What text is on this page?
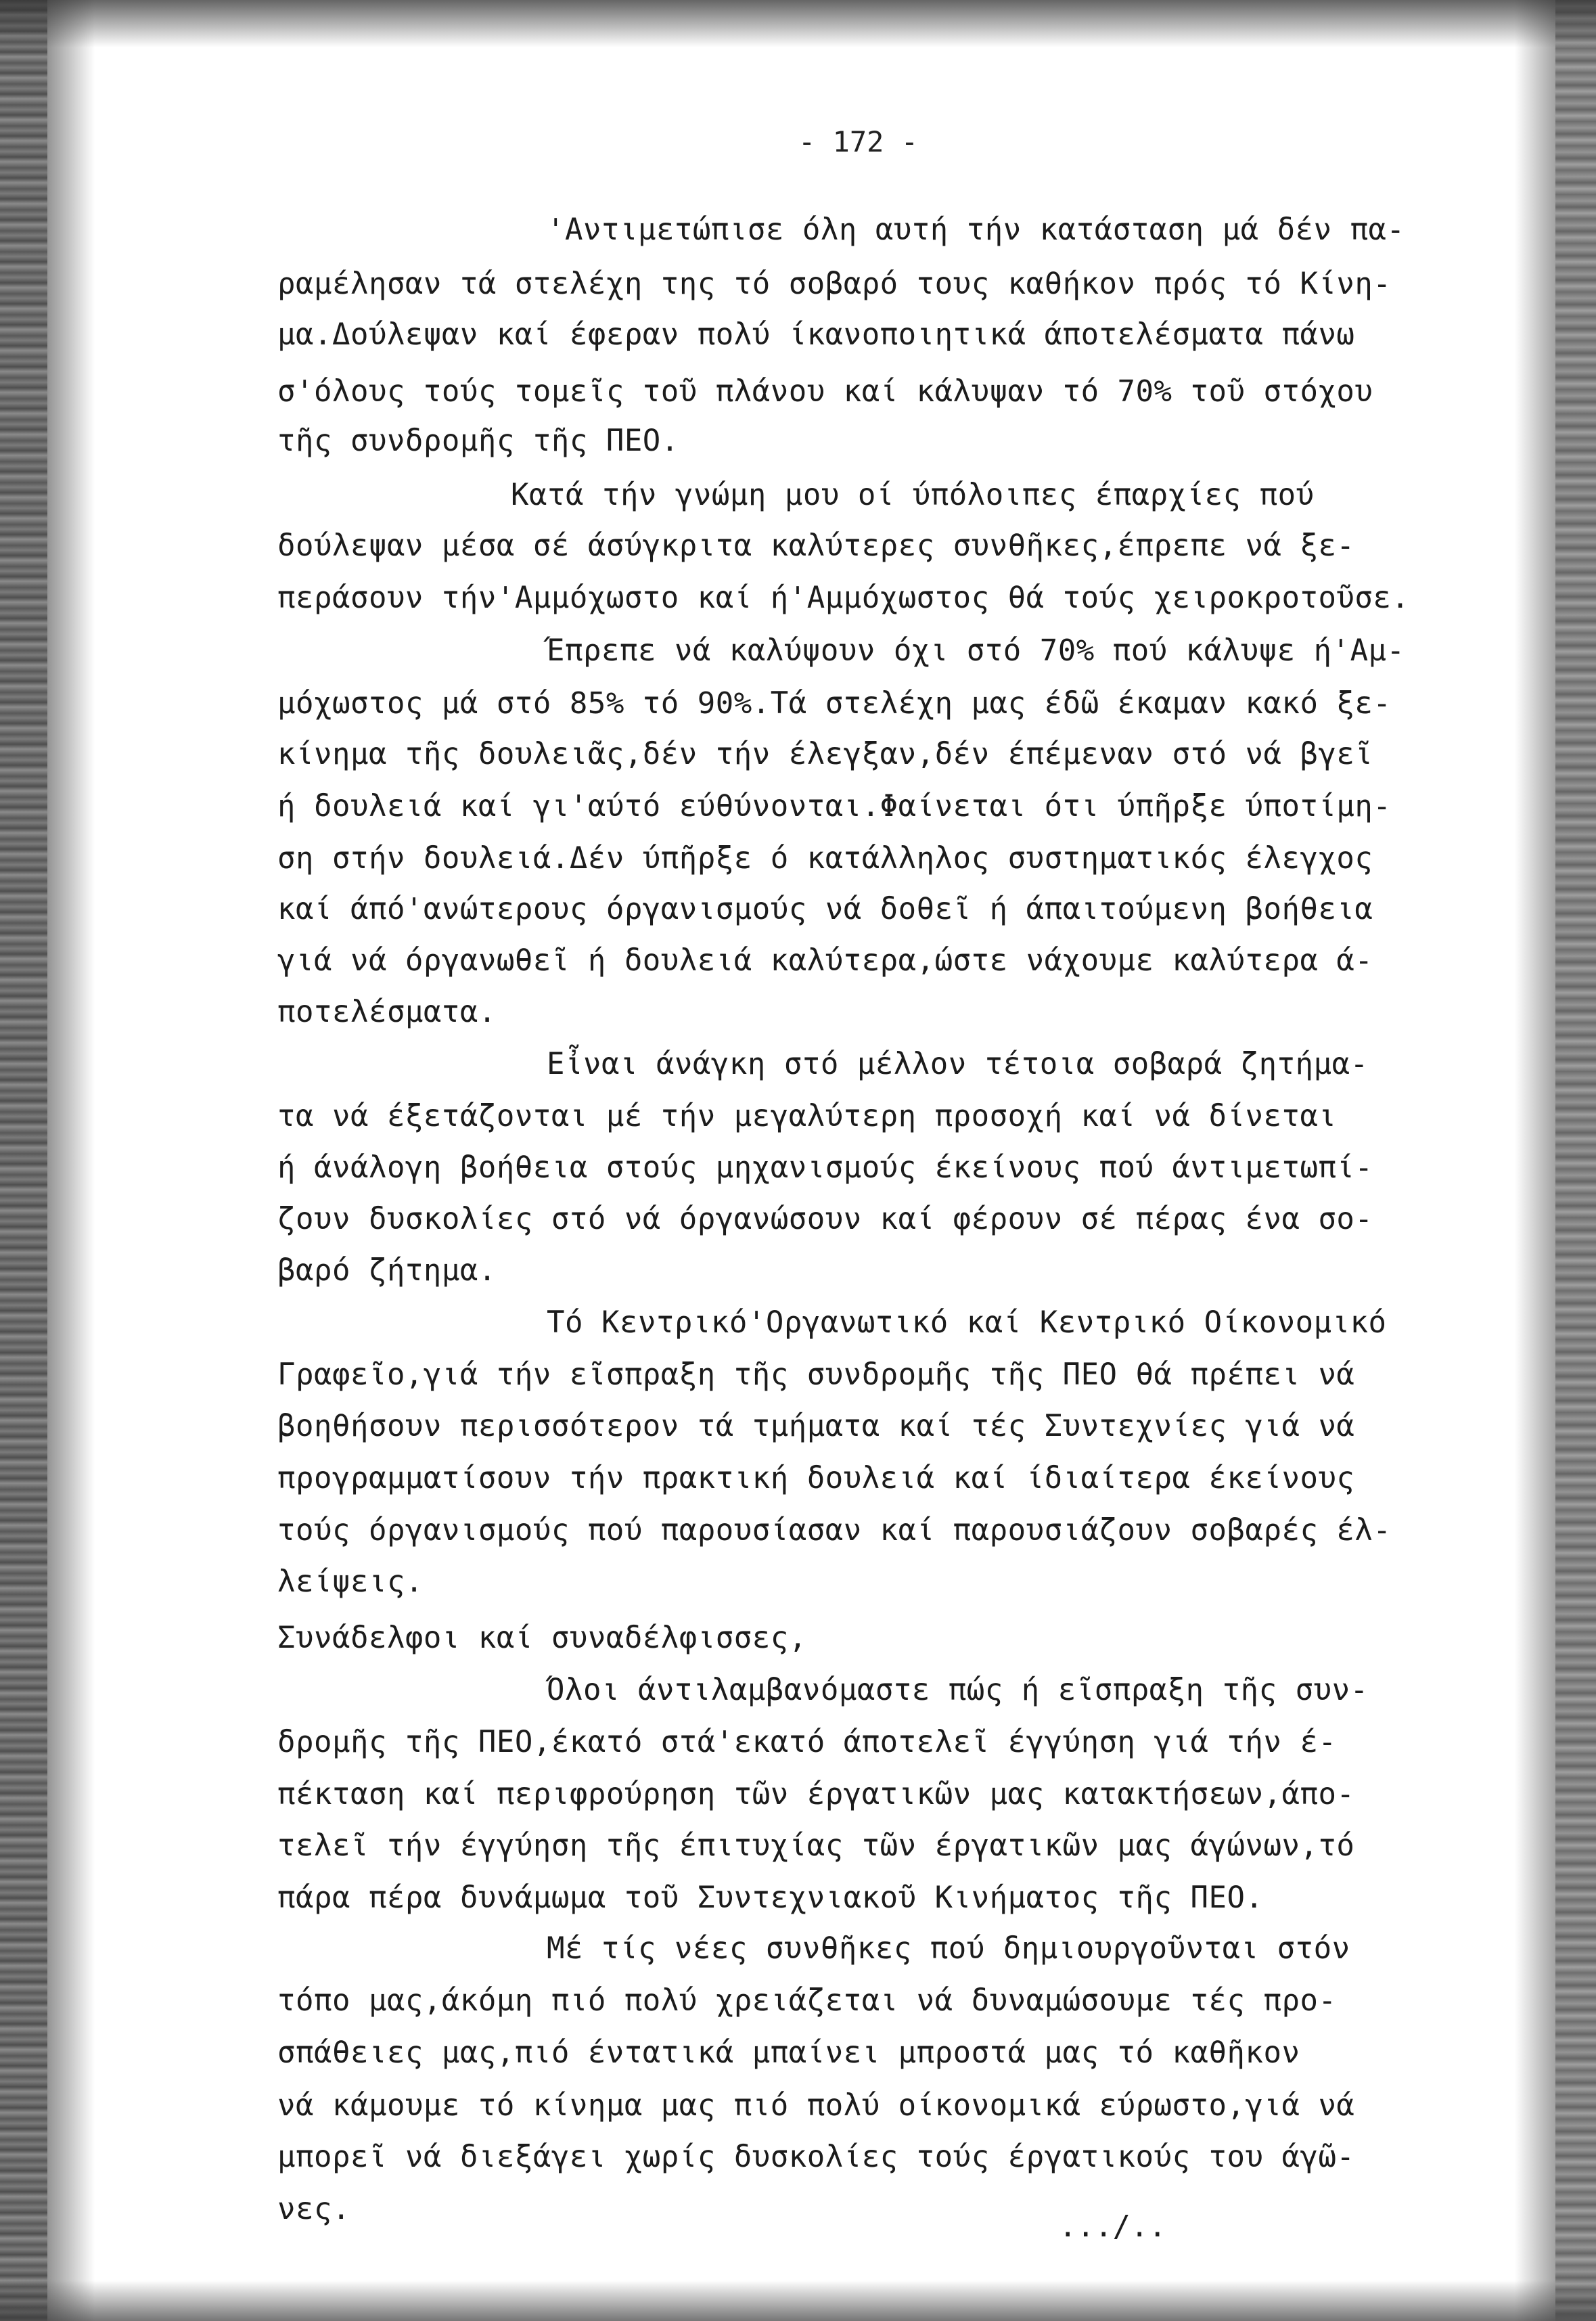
- 172 -
'Αντιμετώπισε όλη αυτή τήν κατάσταση μά δέν πα-
ραμέλησαν τά στελέχη της τό σοβαρό τους καθήκον πρός τό Κίνη-
μα.Δούλεψαν καί έφεραν πολύ ίκανοποιητικά άποτελέσματα πάνω
σ'όλους τούς τομεῖς τοῦ πλάνου καί κάλυψαν τό 70% τοῦ στόχου
τῆς συνδρομῆς τῆς ΠΕΟ.
Κατά τήν γνώμη μου οί ύπόλοιπες έπαρχίες πού
δούλεψαν μέσα σέ άσύγκριτα καλύτερες συνθῆκες,έπρεπε νά ξε-
περάσουν τήν'Αμμόχωστο καί ή'Αμμόχωστος θά τούς χειροκροτοῦσε.
Έπρεπε νά καλύψουν όχι στό 70% πού κάλυψε ή'Αμ-
μόχωστος μά στό 85% τό 90%.Τά στελέχη μας έδῶ έκαμαν κακό ξε-
κίνημα τῆς δουλειᾶς,δέν τήν έλεγξαν,δέν έπέμεναν στό νά βγεῖ
ή δουλειά καί γι'αύτό εύθύνονται.Φαίνεται ότι ύπῆρξε ύποτίμη-
ση στήν δουλειά.Δέν ύπῆρξε ό κατάλληλος συστηματικός έλεγχος
καί άπό'ανώτερους όργανισμούς νά δοθεῖ ή άπαιτούμενη βοήθεια
γιά νά όργανωθεῖ ή δουλειά καλύτερα,ώστε νάχουμε καλύτερα ά-
ποτελέσματα.
Εἶναι άνάγκη στό μέλλον τέτοια σοβαρά ζητήμα-
τα νά έξετάζονται μέ τήν μεγαλύτερη προσοχή καί νά δίνεται
ή άνάλογη βοήθεια στούς μηχανισμούς έκείνους πού άντιμετωπί-
ζουν δυσκολίες στό νά όργανώσουν καί φέρουν σέ πέρας ένα σο-
βαρό ζήτημα.
Τό Κεντρικό'Οργανωτικό καί Κεντρικό Οίκονομικό
Γραφεῖο,γιά τήν εῖσπραξη τῆς συνδρομῆς τῆς ΠΕΟ θά πρέπει νά
βοηθήσουν περισσότερον τά τμήματα καί τές Συντεχνίες γιά νά
προγραμματίσουν τήν πρακτική δουλειά καί ίδιαίτερα έκείνους
τούς όργανισμούς πού παρουσίασαν καί παρουσιάζουν σοβαρές έλ-
λείψεις.
Συνάδελφοι καί συναδέλφισσες,
Όλοι άντιλαμβανόμαστε πώς ή εῖσπραξη τῆς συν-
δρομῆς τῆς ΠΕΟ,έκατό στά'εκατό άποτελεῖ έγγύηση γιά τήν έ-
πέκταση καί περιφρούρηση τῶν έργατικῶν μας κατακτήσεων,άπο-
τελεῖ τήν έγγύηση τῆς έπιτυχίας τῶν έργατικῶν μας άγώνων,τό
πάρα πέρα δυνάμωμα τοῦ Συντεχνιακοῦ Κινήματος τῆς ΠΕΟ.
Μέ τίς νέες συνθῆκες πού δημιουργοῦνται στόν
τόπο μας,άκόμη πιό πολύ χρειάζεται νά δυναμώσουμε τές προ-
σπάθειες μας,πιό έντατικά μπαίνει μπροστά μας τό καθῆκον
νά κάμουμε τό κίνημα μας πιό πολύ οίκονομικά εύρωστο,γιά νά
μπορεῖ νά διεξάγει χωρίς δυσκολίες τούς έργατικούς του άγῶ-
νες.
.../..
